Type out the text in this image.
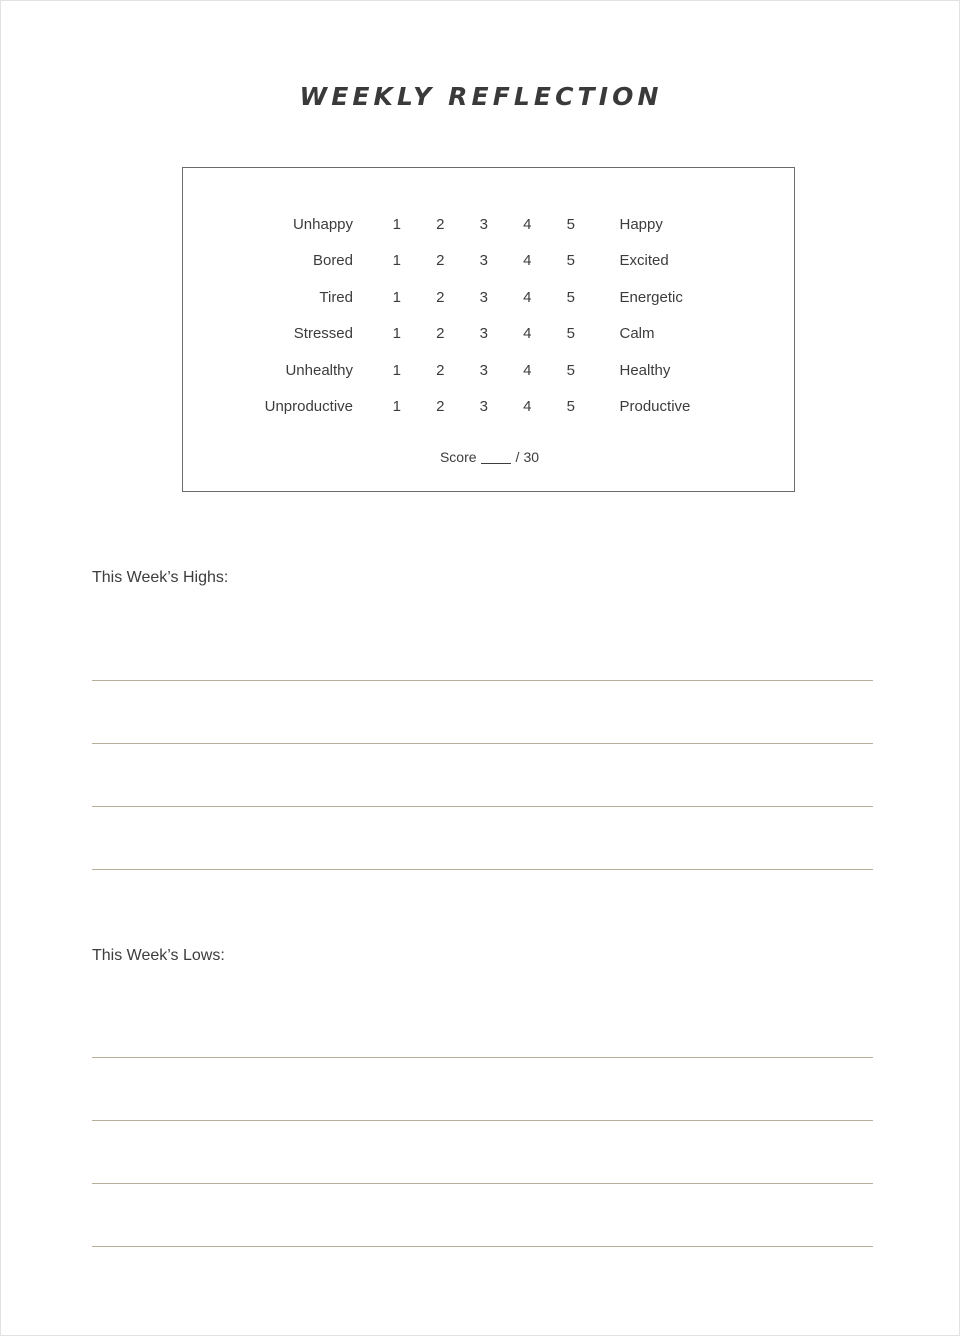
WEEKLY REFLECTION
Unhappy	1	2	3	4	5	Happy
Bored	1	2	3	4	5	Excited
Tired	1	2	3	4	5	Energetic
Stressed	1	2	3	4	5	Calm
Unhealthy	1	2	3	4	5	Healthy
Unproductive	1	2	3	4	5	Productive
Score	/ 30
This Week’s Highs:
This Week’s Lows:
